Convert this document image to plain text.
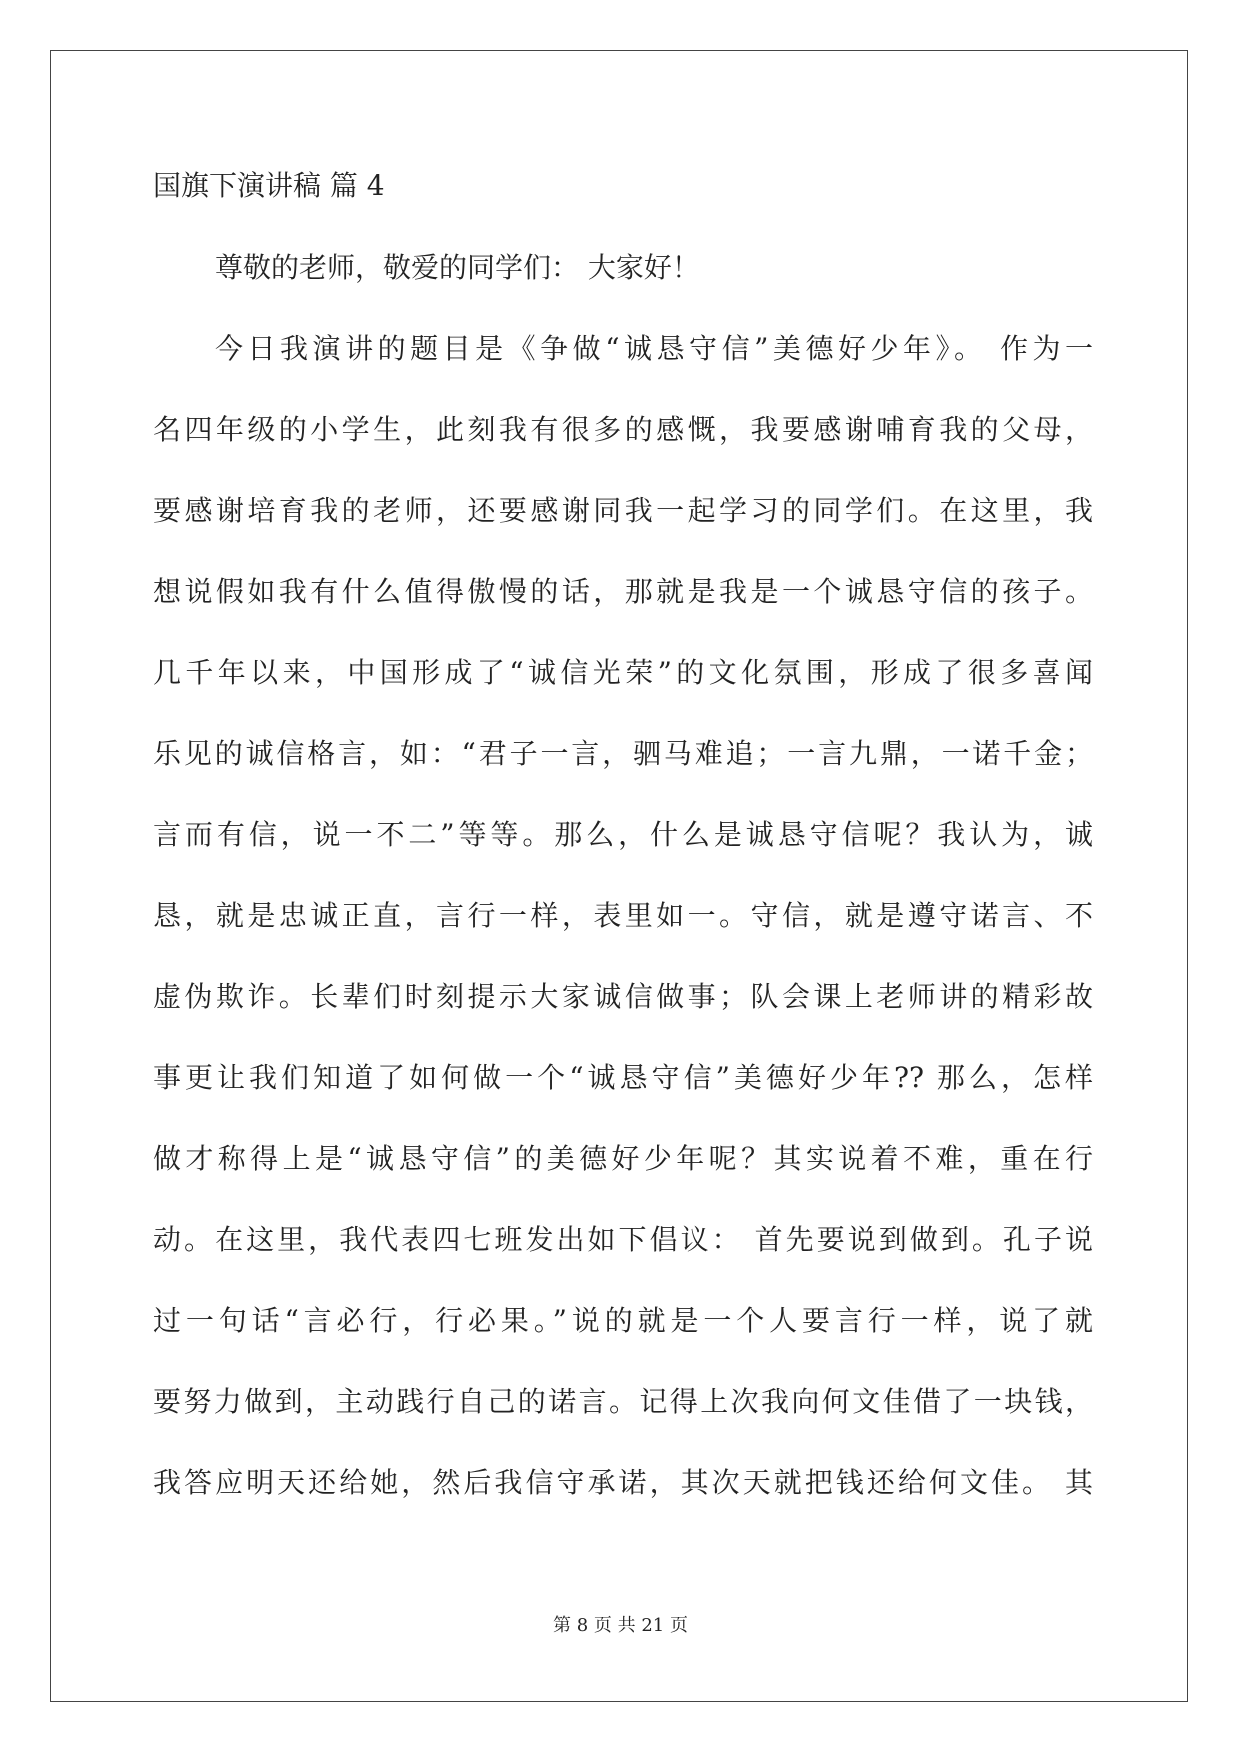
国旗下演讲稿 篇 4

尊敬的老师，敬爱的同学们： 大家好！

今日我演讲的题目是《争做“诚恳守信”美德好少年》。 作为一

名四年级的小学生，此刻我有很多的感慨，我要感谢哺育我的父母，

要感谢培育我的老师，还要感谢同我一起学习的同学们。在这里，我

想说假如我有什么值得傲慢的话，那就是我是一个诚恳守信的孩子。

几千年以来，中国形成了“诚信光荣”的文化氛围，形成了很多喜闻

乐见的诚信格言，如：“君子一言，驷马难追；一言九鼎，一诺千金；

言而有信，说一不二”等等。那么，什么是诚恳守信呢？我认为，诚

恳，就是忠诚正直，言行一样，表里如一。守信，就是遵守诺言、不

虚伪欺诈。长辈们时刻提示大家诚信做事；队会课上老师讲的精彩故

事更让我们知道了如何做一个“诚恳守信”美德好少年?? 那么，怎样

做才称得上是“诚恳守信”的美德好少年呢？其实说着不难，重在行

动。在这里，我代表四七班发出如下倡议： 首先要说到做到。孔子说

过一句话“言必行，行必果。”说的就是一个人要言行一样，说了就

要努力做到，主动践行自己的诺言。记得上次我向何文佳借了一块钱，

我答应明天还给她，然后我信守承诺，其次天就把钱还给何文佳。 其

第 8 页 共 21 页
